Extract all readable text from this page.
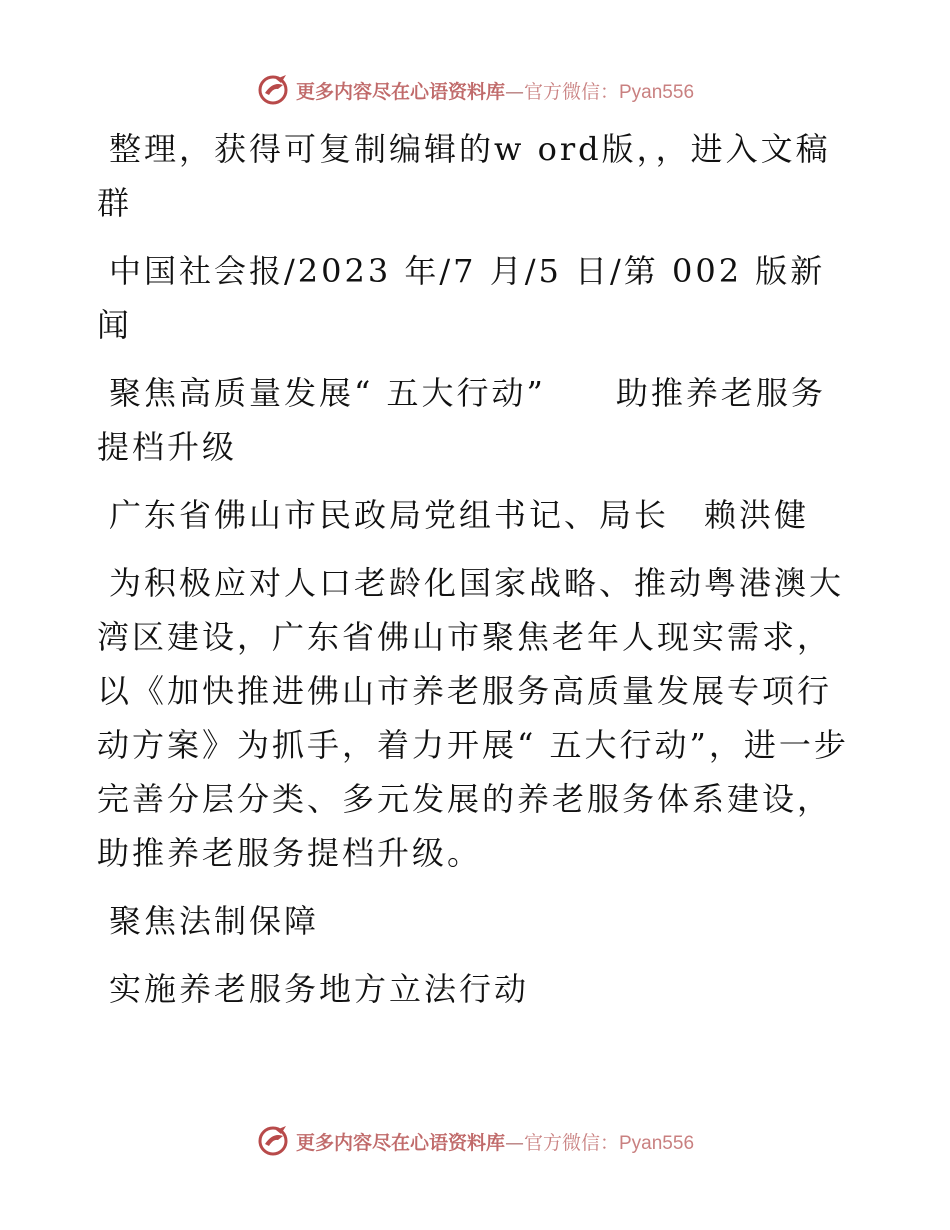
更多内容尽在心语资料库—官方微信：Pyan556

整理，获得可复制编辑的w ord版，，进入文稿群

中国社会报/2023 年/7 月/5 日/第 002 版新闻

聚焦高质量发展“ 五大行动”　　助推养老服务提档升级

广东省佛山市民政局党组书记、局长　赖洪健

为积极应对人口老龄化国家战略、推动粤港澳大湾区建设，广东省佛山市聚焦老年人现实需求，以《加快推进佛山市养老服务高质量发展专项行动方案》为抓手，着力开展“ 五大行动”，进一步完善分层分类、多元发展的养老服务体系建设，助推养老服务提档升级。

聚焦法制保障

实施养老服务地方立法行动

更多内容尽在心语资料库—官方微信：Pyan556
